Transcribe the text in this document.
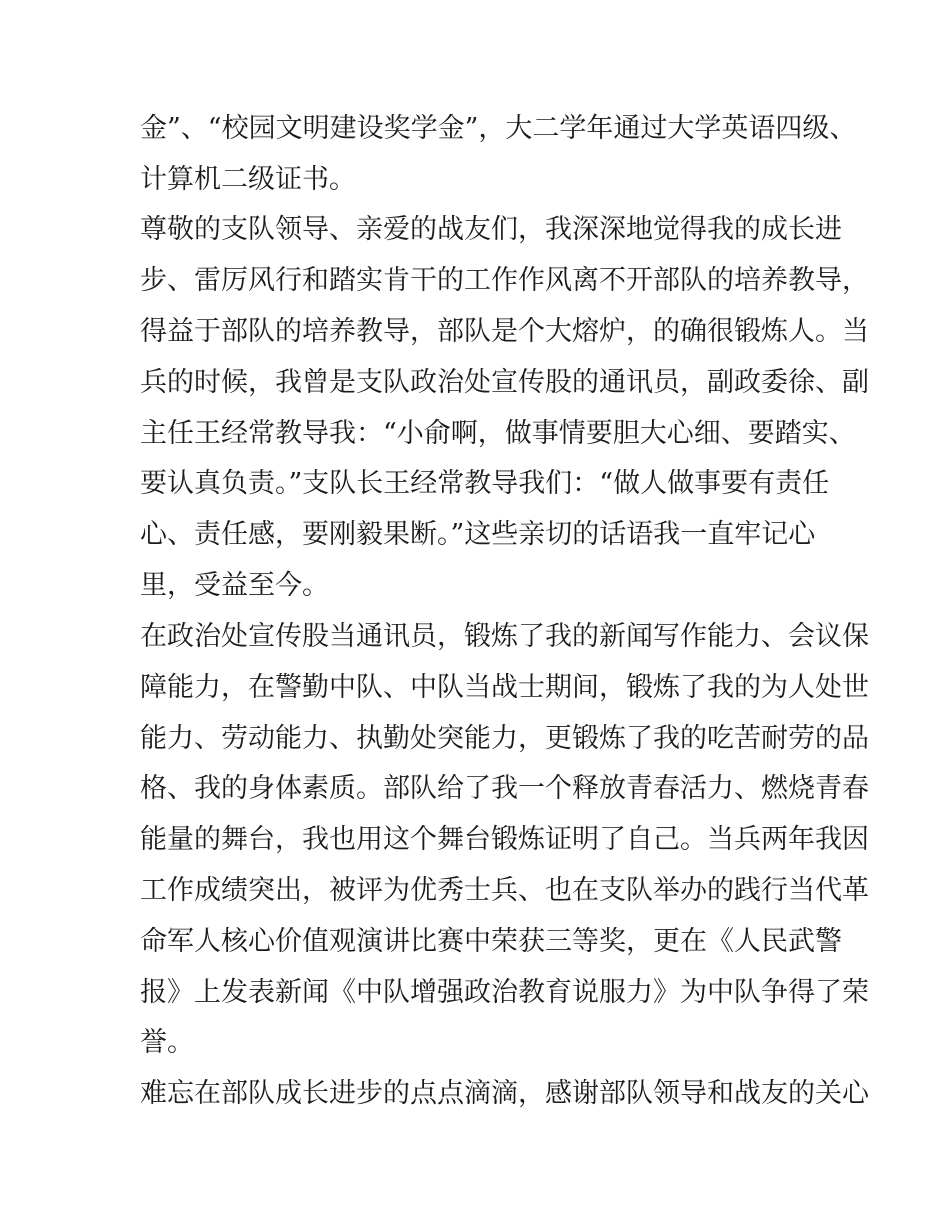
金”、“校园文明建设奖学金”，大二学年通过大学英语四级、
计算机二级证书。
尊敬的支队领导、亲爱的战友们，我深深地觉得我的成长进
步、雷厉风行和踏实肯干的工作作风离不开部队的培养教导，
得益于部队的培养教导，部队是个大熔炉，的确很锻炼人。当
兵的时候，我曾是支队政治处宣传股的通讯员，副政委徐、副
主任王经常教导我：“小俞啊，做事情要胆大心细、要踏实、
要认真负责。”支队长王经常教导我们：“做人做事要有责任
心、责任感，要刚毅果断。”这些亲切的话语我一直牢记心
里，受益至今。
在政治处宣传股当通讯员，锻炼了我的新闻写作能力、会议保
障能力，在警勤中队、中队当战士期间，锻炼了我的为人处世
能力、劳动能力、执勤处突能力，更锻炼了我的吃苦耐劳的品
格、我的身体素质。部队给了我一个释放青春活力、燃烧青春
能量的舞台，我也用这个舞台锻炼证明了自己。当兵两年我因
工作成绩突出，被评为优秀士兵、也在支队举办的践行当代革
命军人核心价值观演讲比赛中荣获三等奖，更在《人民武警
报》上发表新闻《中队增强政治教育说服力》为中队争得了荣
誉。
难忘在部队成长进步的点点滴滴，感谢部队领导和战友的关心
